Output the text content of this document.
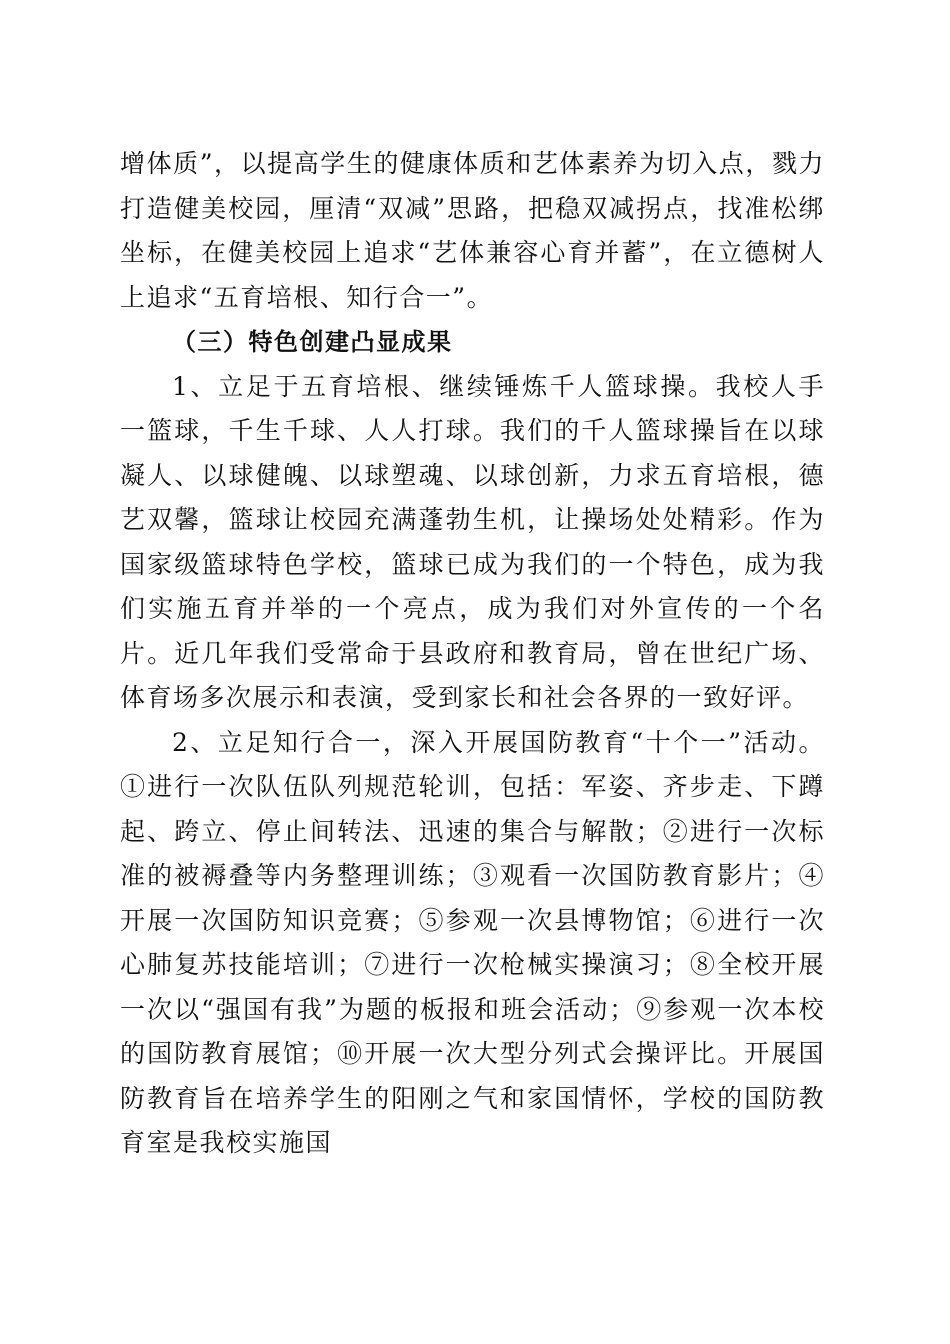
增体质”，以提高学生的健康体质和艺体素养为切入点，戮力打造健美校园，厘清“双减”思路，把稳双减拐点，找准松绑坐标，在健美校园上追求“艺体兼容心育并蓄”，在立德树人上追求“五育培根、知行合一”。

（三）特色创建凸显成果

1、立足于五育培根、继续锤炼千人篮球操。我校人手一篮球，千生千球、人人打球。我们的千人篮球操旨在以球凝人、以球健魄、以球塑魂、以球创新，力求五育培根，德艺双馨，篮球让校园充满蓬勃生机，让操场处处精彩。作为国家级篮球特色学校，篮球已成为我们的一个特色，成为我们实施五育并举的一个亮点，成为我们对外宣传的一个名片。近几年我们受常命于县政府和教育局，曾在世纪广场、体育场多次展示和表演，受到家长和社会各界的一致好评。

2、立足知行合一，深入开展国防教育“十个一”活动。①进行一次队伍队列规范轮训，包括：军姿、齐步走、下蹲起、跨立、停止间转法、迅速的集合与解散；②进行一次标准的被褥叠等内务整理训练；③观看一次国防教育影片；④开展一次国防知识竞赛；⑤参观一次县博物馆；⑥进行一次心肺复苏技能培训；⑦进行一次枪械实操演习；⑧全校开展一次以“强国有我”为题的板报和班会活动；⑨参观一次本校的国防教育展馆；⑩开展一次大型分列式会操评比。开展国防教育旨在培养学生的阳刚之气和家国情怀，学校的国防教育室是我校实施国
